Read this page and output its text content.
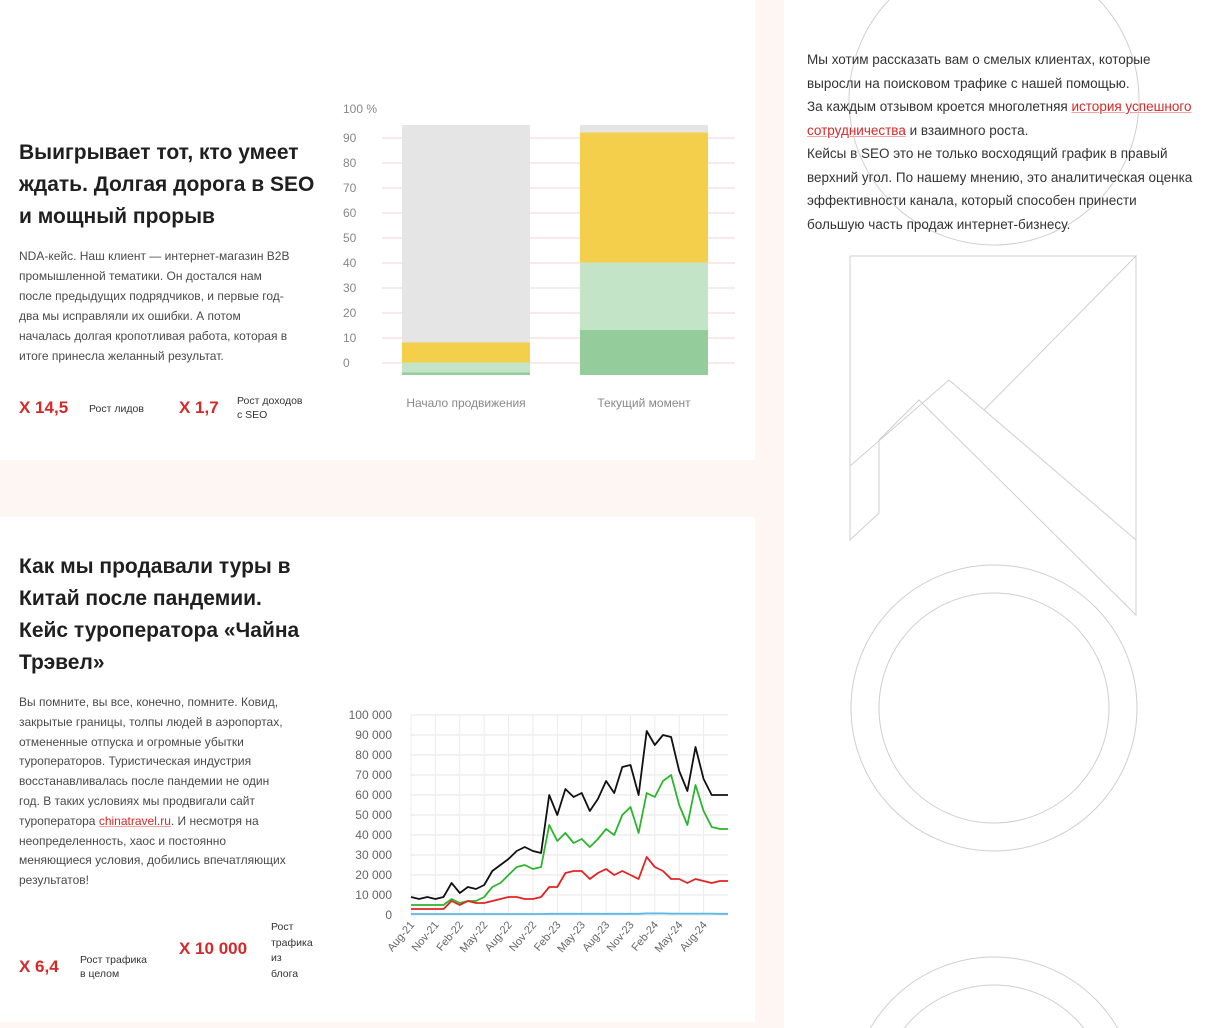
Выигрывает тот, кто умеет
ждать. Долгая дорога в SEO
и мощный прорыв
NDA-кейс. Наш клиент — интернет-магазин B2B
промышленной тематики. Он достался нам
после предыдущих подрядчиков, и первые год-
два мы исправляли их ошибки. А потом
началась долгая кропотливая работа, которая в
итоге принесла желанный результат.
X 14,5 Рост лидов X 1,7 Рост доходов
с SEO
100 %
90
80
70
60
50
40
30
20
10
0
Начало продвижения	Текущий момент
Как мы продавали туры в
Китай после пандемии.
Кейс туроператора «Чайна
Трэвел»
Вы помните, вы все, конечно, помните. Ковид,
закрытые границы, толпы людей в аэропортах,
отмененные отпуска и огромные убытки
туроператоров. Туристическая индустрия
восстанавливалась после пандемии не один
год. В таких условиях мы продвигали сайт
туроператора chinatravel.ru. И несмотря на
неопределенность, хаос и постоянно
меняющиеся условия, добились впечатляющих
результатов!
X 6,4 Рост трафика
в целом
X 10 000
Рост
трафика
из
блога
0
10 000
20 000
30 000
40 000
50 000
60 000
70 000
80 000
90 000
100 000
Aug-21
Nov-21
Feb-22
May-22
Aug-22
Nov-22
Feb-23
May-23
Aug-23
Nov-23
Feb-24
May-24
Aug-24

Мы хотим рассказать вам о смелых клиентах, которые выросли на поисковом трафике с нашей помощью.

За каждым отзывом кроется многолетняя история успешного сотрудничества и взаимного роста.

Кейсы в SEO это не только восходящий график в правый верхний угол. По нашему мнению, это аналитическая оценка эффективности канала, который способен принести большую часть продаж интернет-бизнесу.
